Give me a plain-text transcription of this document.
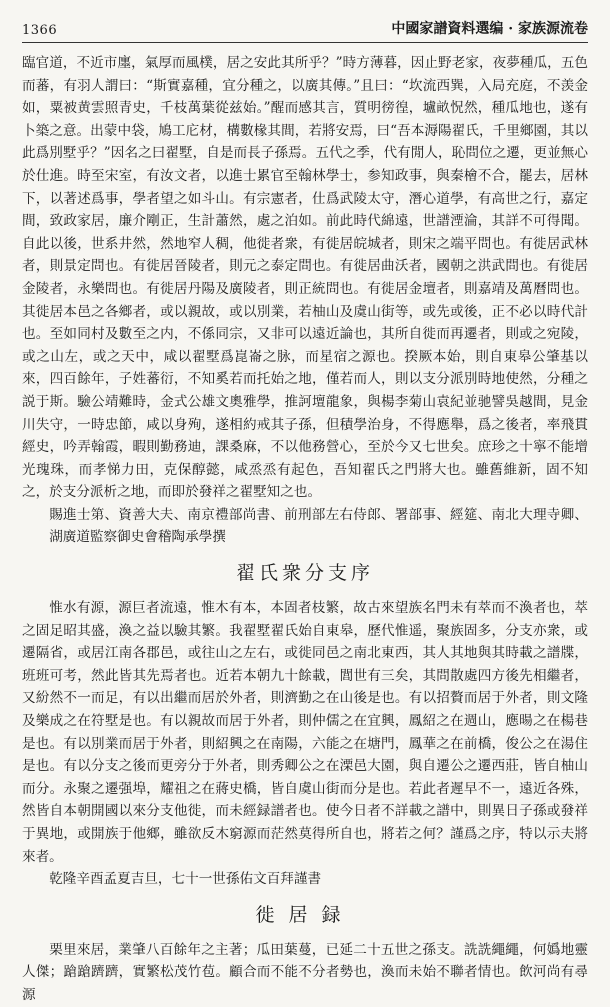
1366	中國家譜資料選编 · 家族源流卷

臨官道，不近市廛，氣厚而風樸，居之安此其所乎？”時方薄暮，因止野老家，夜夢種瓜，五色而蕃，有羽人謂曰：“斯實嘉種，宜分種之，以廣其傳。”且曰：“坎流西巽，入局充庭，不羡金如，粟被黄雲照青史，千枝萬葉從兹始。”醒而感其言，質明徬徨，壚畝怳然，種瓜地也，遂有卜築之意。出蒙中袋，鳩工庀材，構數椽其間，若將安焉，曰“吾本溽陽翟氏，千里鄉園，其以此爲別墅乎？”因名之曰翟墅，自是而長子孫焉。五代之季，代有閒人，恥問位之遷，更並無心於仕進。時至宋室，有汝文者，以進士累官至翰林學士，参知政事，與秦檜不合，罷去，居林下，以著述爲事，學者望之如斗山。有宗憲者，仕爲武陵太守，潛心道學，有高世之行，嘉定間，致政家居，廉介剛正，生計蕭然，處之泊如。前此時代綿遠，世譜湮淪，其詳不可得聞。自此以後，世系井然，然地窄人稠，他徙者衆，有徙居皖城者，則宋之端平問也。有徙居武林者，則景定問也。有徙居晉陵者，則元之泰定問也。有徙居曲沃者，國朝之洪武問也。有徙居金陵者，永樂問也。有徙居丹陽及廣陵者，則正統問也。有徙居金壇者，則嘉靖及萬曆問也。其徙居本邑之各鄉者，或以親故，或以別業，若柚山及虞山街等，或先或後，正不必以時代計也。至如同村及數至之内，不係同宗，又非可以遠近論也，其所自徙而再遷者，則或之宛陵，或之山左，或之天中，咸以翟墅爲崑崙之脉，而星宿之源也。揆厥本始，則自東皋公肇基以來，四百餘年，子姓蕃衍，不知奚若而托始之地，僅若而人，則以支分派別時地使然，分種之説于斯。驗公靖難時，金式公雄文奧雅學，推訶壇龍象，與楊李菊山袁紀並驰譬吳越間，見金川失守，一時忠節，咸以身殉，遂相約戒其子孫，但積學治身，不得應舉，爲之後者，率飛貫經史，吟弄翰霞，暇則勤務迪，課桑麻，不以他務營心，至於今又七世矣。庶珍之十寧不能增光瑰珠，而孝悌力田，克保醇懿，咸烝烝有起色，吾知翟氏之門將大也。雖舊維新，固不知之，於支分派析之地，而即於發祥之翟墅知之也。

賜進士第、資善大夫、南京禮部尚書、前刑部左右侍郎、署部事、經筵、南北大理寺卿、湖廣道監察御史會稽陶承學撰

翟氏衆分支序

惟水有源，源巨者流遠，惟木有本，本固者枝繁，故古來望族名門未有萃而不渙者也，萃之固足昭其盛，渙之益以驗其繁。我翟墅翟氏始自東皋，歷代惟遥，聚族固多，分支亦衆，或遷隔省，或居江南各郡邑，或往山之左右，或徙同邑之南北東西，其人其地與其時載之譜牒，班班可考，然此皆其先焉者也。近若本朝九十餘載，閭世有三矣，其問散處四方後先相繼者，又紛然不一而足，有以出繼而居於外者，則濟勤之在山後是也。有以招贅而居于外者，則文隆及樂成之在符墅是也。有以親故而居于外者，則仲儒之在宜興，鳳紹之在週山，應暘之在楊巷是也。有以別業而居于外者，則紹興之在南陽，六能之在塘門，鳳華之在前橋，俊公之在湯住是也。有以分支之後而更旁分于外者，則秀卿公之在溧邑大園，與自遷公之遷西莊，皆自柚山而分。永聚之遷强埠，耀祖之在蔣史橋，皆自虞山街而分是也。若此者遲早不一，遠近各殊，然皆自本朝開國以來分支他徙，而未經録譜者也。使今日者不詳載之譜中，則異日子孫或發祥于異地，或開族于他鄉，雖欲反木窮源而茫然莫得所自也，將若之何？謹爲之序，特以示夫將來者。

乾隆辛酉孟夏吉旦，七十一世孫佑文百拜謹書

徙居録

栗里來居，業肇八百餘年之主著；瓜田葉蔓，已延二十五世之孫支。詵詵繩繩，何嬀地靈人傑；蹌蹌躋躋，實繁松茂竹苞。顧合而不能不分者勢也，渙而未始不聯者情也。飲河尚有尋源
